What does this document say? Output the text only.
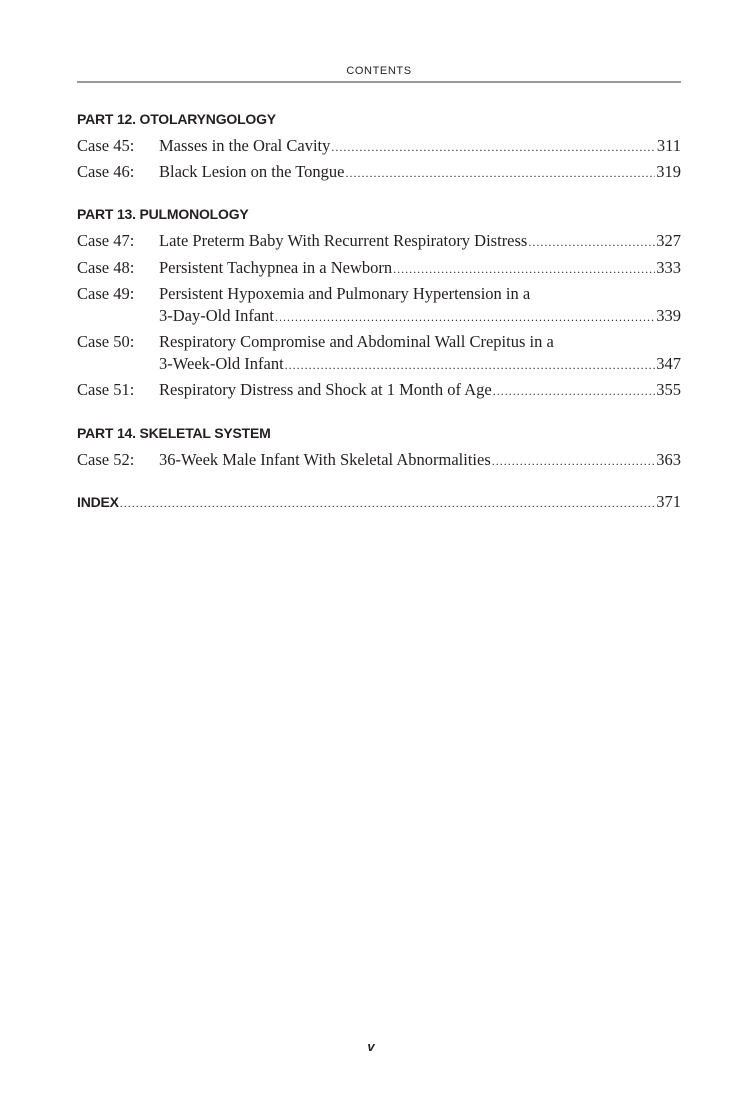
CONTENTS
PART 12. OTOLARYNGOLOGY
Case 45: Masses in the Oral Cavity .....	311
Case 46: Black Lesion on the Tongue .....	319
PART 13. PULMONOLOGY
Case 47: Late Preterm Baby With Recurrent Respiratory Distress .....	327
Case 48: Persistent Tachypnea in a Newborn .....	333
Case 49: Persistent Hypoxemia and Pulmonary Hypertension in a
3-Day-Old Infant .....	339
Case 50: Respiratory Compromise and Abdominal Wall Crepitus in a
3-Week-Old Infant .....	347
Case 51: Respiratory Distress and Shock at 1 Month of Age .....	355
PART 14. SKELETAL SYSTEM
Case 52: 36-Week Male Infant With Skeletal Abnormalities .....	363
INDEX .....	371
v
